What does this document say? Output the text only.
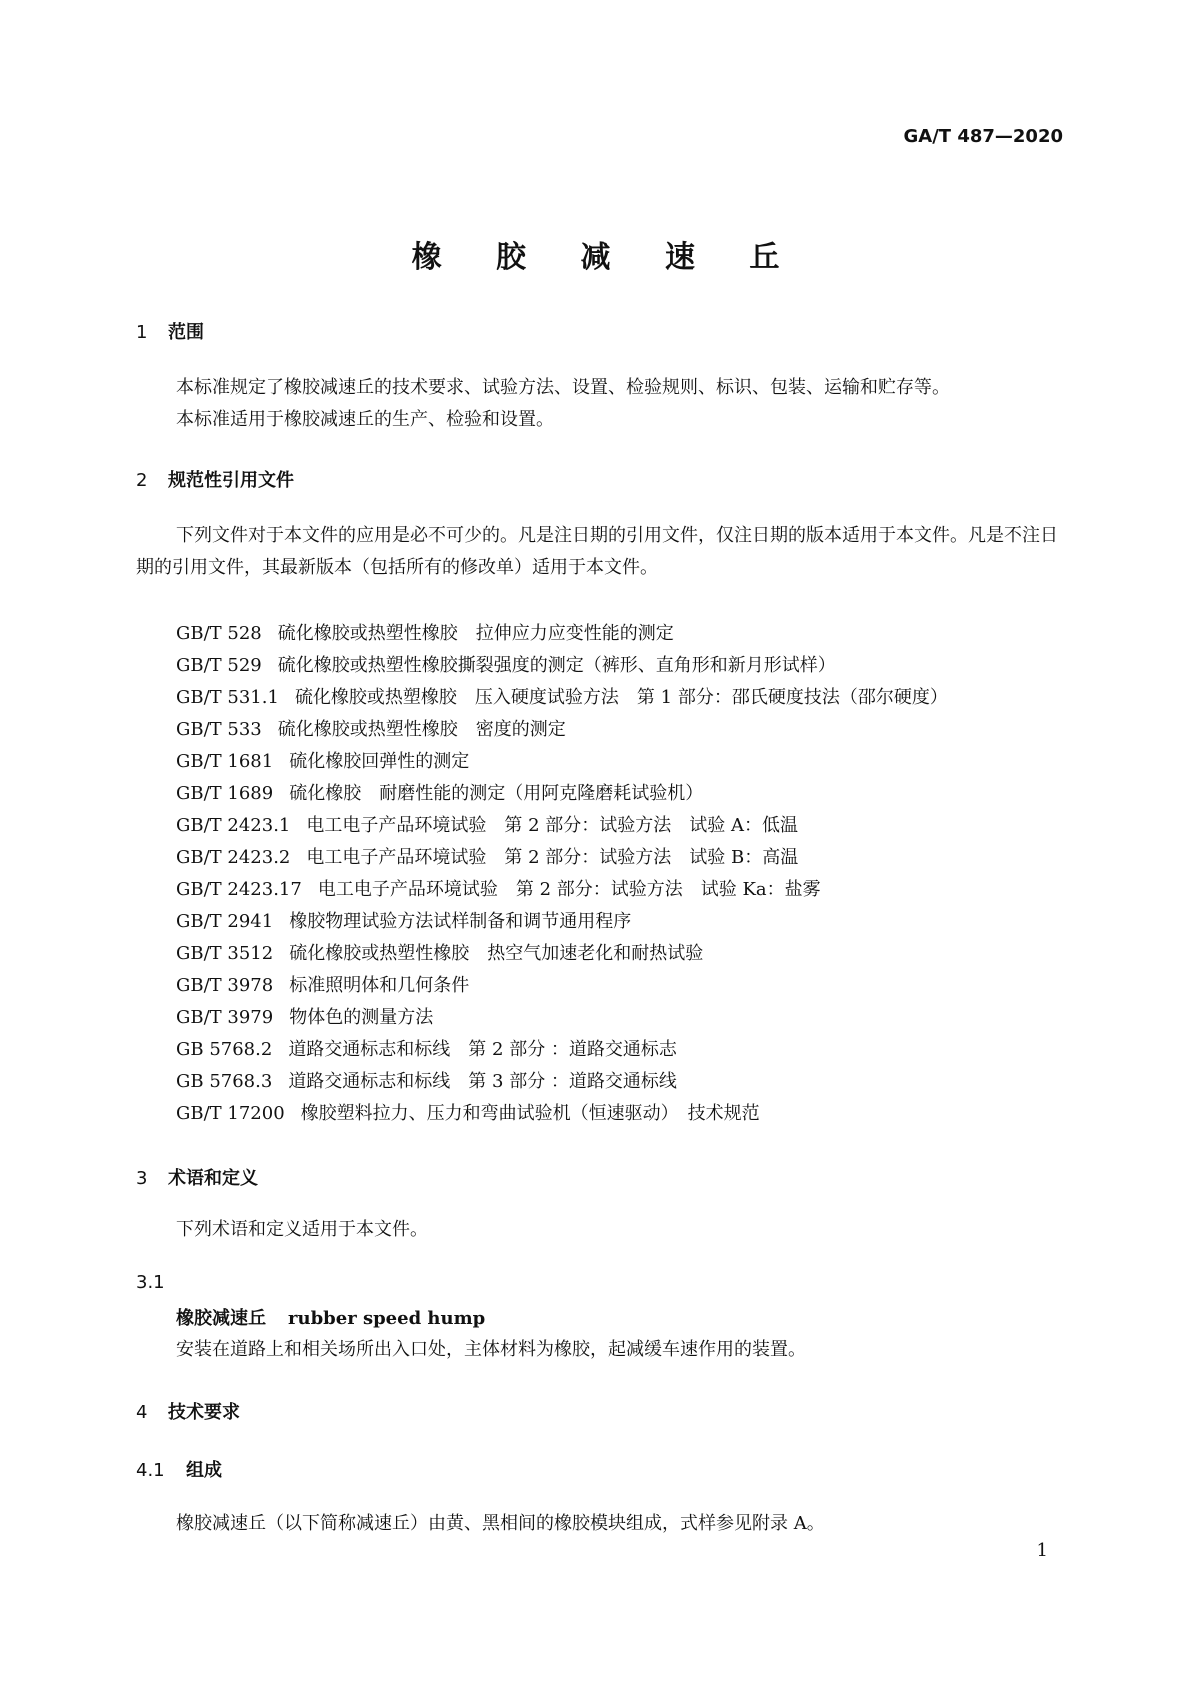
GA/T 487—2020
橡 胶 减 速 丘
1 范围
本标准规定了橡胶减速丘的技术要求、试验方法、设置、检验规则、标识、包装、运输和贮存等。
本标准适用于橡胶减速丘的生产、检验和设置。
2 规范性引用文件
下列文件对于本文件的应用是必不可少的。凡是注日期的引用文件，仅注日期的版本适用于本文件。凡是不注日期的引用文件，其最新版本（包括所有的修改单）适用于本文件。
GB/T 528 硫化橡胶或热塑性橡胶　拉伸应力应变性能的测定
GB/T 529 硫化橡胶或热塑性橡胶撕裂强度的测定（裤形、直角形和新月形试样）
GB/T 531.1 硫化橡胶或热塑橡胶　压入硬度试验方法　第 1 部分：邵氏硬度技法（邵尔硬度）
GB/T 533 硫化橡胶或热塑性橡胶　密度的测定
GB/T 1681 硫化橡胶回弹性的测定
GB/T 1689 硫化橡胶　耐磨性能的测定（用阿克隆磨耗试验机）
GB/T 2423.1 电工电子产品环境试验　第 2 部分：试验方法　试验 A：低温
GB/T 2423.2 电工电子产品环境试验　第 2 部分：试验方法　试验 B：高温
GB/T 2423.17 电工电子产品环境试验　第 2 部分：试验方法　试验 Ka：盐雾
GB/T 2941 橡胶物理试验方法试样制备和调节通用程序
GB/T 3512 硫化橡胶或热塑性橡胶　热空气加速老化和耐热试验
GB/T 3978 标准照明体和几何条件
GB/T 3979 物体色的测量方法
GB 5768.2 道路交通标志和标线　第 2 部分 ：道路交通标志
GB 5768.3 道路交通标志和标线　第 3 部分 ：道路交通标线
GB/T 17200 橡胶塑料拉力、压力和弯曲试验机（恒速驱动）　技术规范
3 术语和定义
下列术语和定义适用于本文件。
3.1
橡胶减速丘 rubber speed hump
安装在道路上和相关场所出入口处，主体材料为橡胶，起减缓车速作用的装置。
4 技术要求
4.1 组成
橡胶减速丘（以下简称减速丘）由黄、黑相间的橡胶模块组成，式样参见附录 A。
1
